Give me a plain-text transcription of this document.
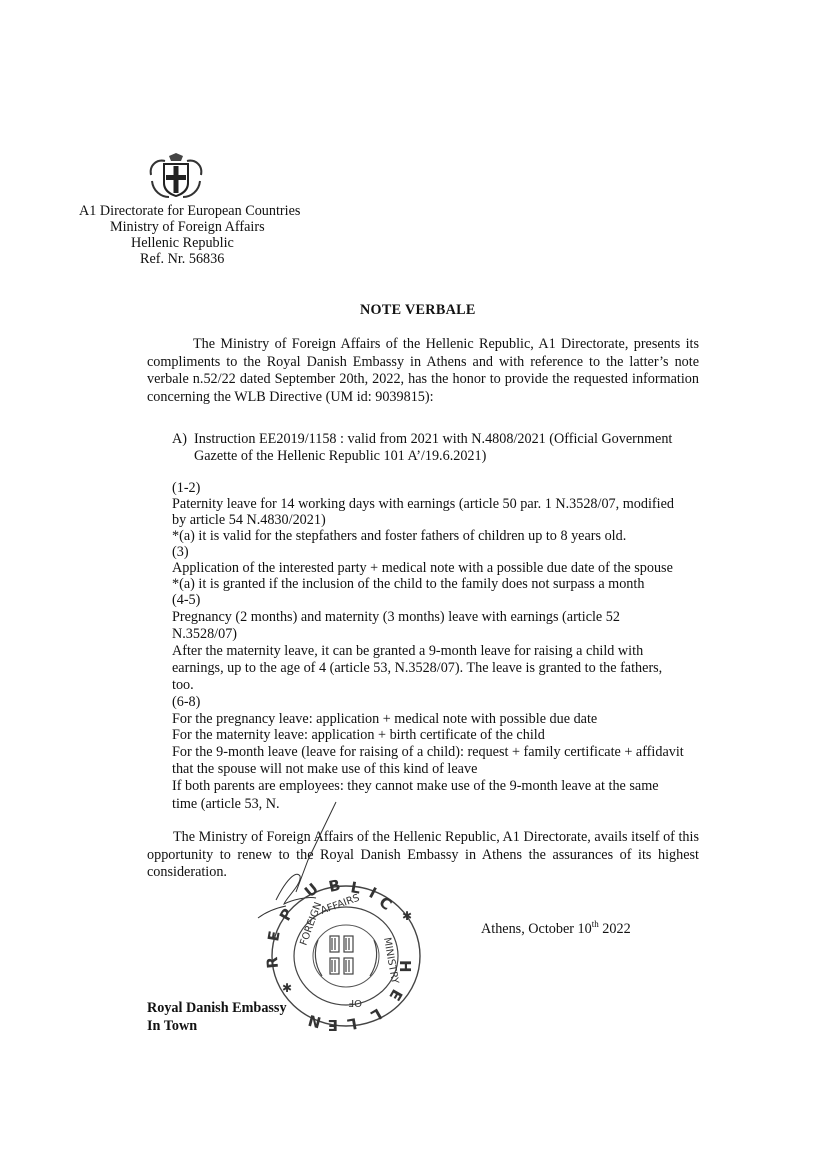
A1 Directorate for European Countries
Ministry of Foreign Affairs
Hellenic Republic
Ref. Nr. 56836
NOTE VERBALE
The Ministry of Foreign Affairs of the Hellenic Republic, A1 Directorate, presents its compliments to the Royal Danish Embassy in Athens and with reference to the latter’s note verbale n.52/22 dated September 20th, 2022, has the honor to provide the requested information concerning the WLB Directive (UM id: 9039815):
A) Instruction EE2019/1158 : valid from 2021 with N.4808/2021 (Official Government Gazette of the Hellenic Republic 101 A’/19.6.2021)
(1-2)
Paternity leave for 14 working days with earnings (article 50 par. 1 N.3528/07, modified
by article 54 N.4830/2021)
*(a) it is valid for the stepfathers and foster fathers of children up to 8 years old.
(3)
Application of the interested party + medical note with a possible due date of the spouse
*(a) it is granted if the inclusion of the child to the family does not surpass a month
(4-5)
Pregnancy (2 months) and maternity (3 months) leave with earnings (article 52
N.3528/07)
After the maternity leave, it can be granted a 9-month leave for raising a child with
earnings, up to the age of 4 (article 53, N.3528/07). The leave is granted to the fathers,
too.
(6-8)
For the pregnancy leave: application + medical note with possible due date
For the maternity leave: application + birth certificate of the child
For the 9-month leave (leave for raising of a child): request + family certificate + affidavit
that the spouse will not make use of this kind of leave
If both parents are employees: they cannot make use of the 9-month leave at the same
time (article 53, N.
The Ministry of Foreign Affairs of the Hellenic Republic, A1 Directorate, avails itself of this opportunity to renew to the Royal Danish Embassy in Athens the assurances of its highest consideration.
U B L I
C
P
E
R	H
E
L
L
E
N
AFFAIRS
FOREIGN
MINISTRY
OF
✱
✱
Athens, October 10th 2022
Royal Danish Embassy
In Town
